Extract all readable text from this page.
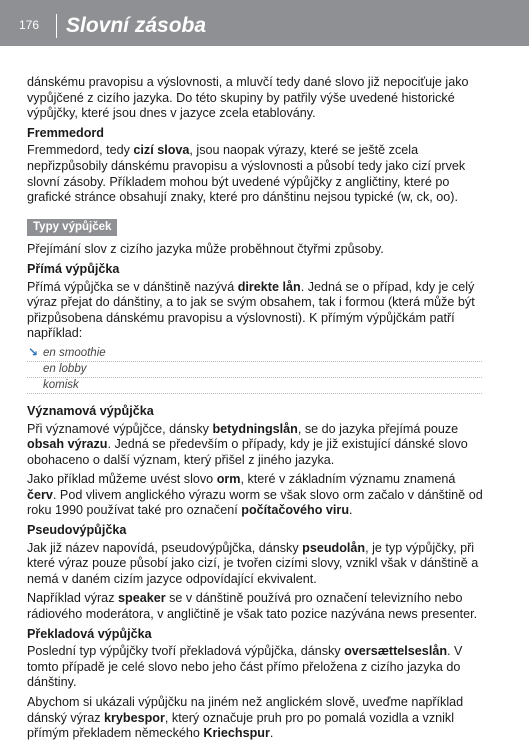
176 Slovní zásoba

dánskému pravopisu a výslovnosti, a mluvčí tedy dané slovo již nepociťuje jako vypůjčené z cizího jazyka. Do této skupiny by patřily výše uvedené historické výpůjčky, které jsou dnes v jazyce zcela etablovány.

Fremmedord

Fremmedord, tedy cizí slova, jsou naopak výrazy, které se ještě zcela nepřizpůsobily dánskému pravopisu a výslovnosti a působí tedy jako cizí prvek slovní zásoby. Příkladem mohou být uvedené výpůjčky z angličtiny, které po grafické stránce obsahují znaky, které pro dánštinu nejsou typické (w, ck, oo).

Typy výpůjček

Přejímání slov z cizího jazyka může proběhnout čtyřmi způsoby.

Přímá výpůjčka

Přímá výpůjčka se v dánštině nazývá direkte lån. Jedná se o případ, kdy je celý výraz přejat do dánštiny, a to jak se svým obsahem, tak i formou (která může být přizpůsobena dánskému pravopisu a výslovnosti). K přímým výpůjčkám patří například:

↘ en smoothie
en lobby
komisk
Významová výpůjčka

Při významové výpůjčce, dánsky betydningslån, se do jazyka přejímá pouze obsah výrazu. Jedná se především o případy, kdy je již existující dánské slovo obohaceno o další význam, který přišel z jiného jazyka.

Jako příklad můžeme uvést slovo orm, které v základním významu znamená červ. Pod vlivem anglického výrazu worm se však slovo orm začalo v dánštině od roku 1990 používat také pro označení počítačového viru.

Pseudovýpůjčka

Jak již název napovídá, pseudovýpůjčka, dánsky pseudolån, je typ výpůjčky, při které výraz pouze působí jako cizí, je tvořen cizími slovy, vznikl však v dánštině a nemá v daném cizím jazyce odpovídající ekvivalent.

Například výraz speaker se v dánštině používá pro označení televizního nebo rádiového moderátora, v angličtině je však tato pozice nazývána news presenter.

Překladová výpůjčka

Poslední typ výpůjčky tvoří překladová výpůjčka, dánsky oversættelseslån. V tomto případě je celé slovo nebo jeho část přímo přeložena z cizího jazyka do dánštiny.

Abychom si ukázali výpůjčku na jiném než anglickém slově, uveďme například dánský výraz krybespor, který označuje pruh pro po pomalá vozidla a vznikl přímým překladem německého Kriechspur.
